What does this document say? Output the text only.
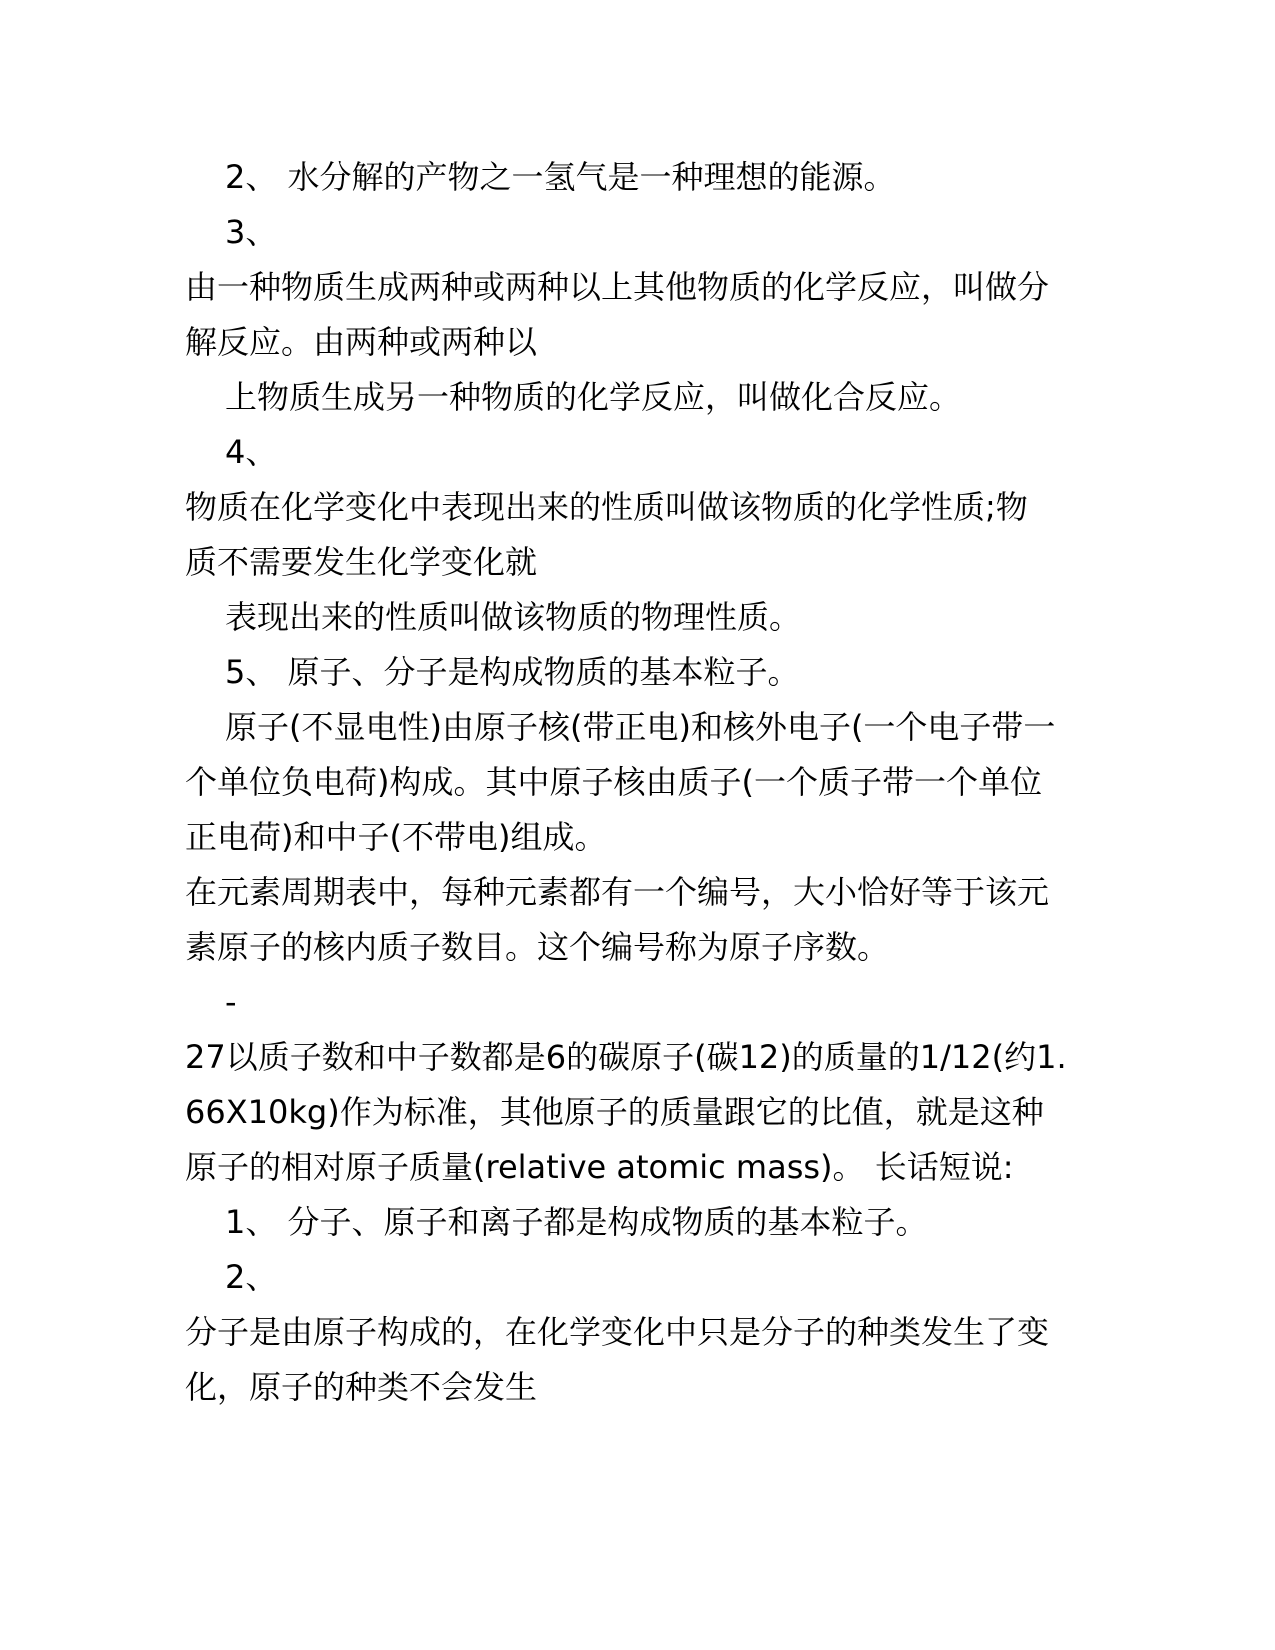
2、 水分解的产物之一氢气是一种理想的能源。
3、
由一种物质生成两种或两种以上其他物质的化学反应，叫做分
解反应。由两种或两种以
上物质生成另一种物质的化学反应，叫做化合反应。
4、
物质在化学变化中表现出来的性质叫做该物质的化学性质;物
质不需要发生化学变化就
表现出来的性质叫做该物质的物理性质。
5、 原子、分子是构成物质的基本粒子。
原子(不显电性)由原子核(带正电)和核外电子(一个电子带一
个单位负电荷)构成。其中原子核由质子(一个质子带一个单位
正电荷)和中子(不带电)组成。
在元素周期表中，每种元素都有一个编号，大小恰好等于该元
素原子的核内质子数目。这个编号称为原子序数。
-
27以质子数和中子数都是6的碳原子(碳12)的质量的1/12(约1.
66X10kg)作为标准，其他原子的质量跟它的比值，就是这种
原子的相对原子质量(relative atomic mass)。 长话短说:
1、 分子、原子和离子都是构成物质的基本粒子。
2、
分子是由原子构成的，在化学变化中只是分子的种类发生了变
化，原子的种类不会发生
